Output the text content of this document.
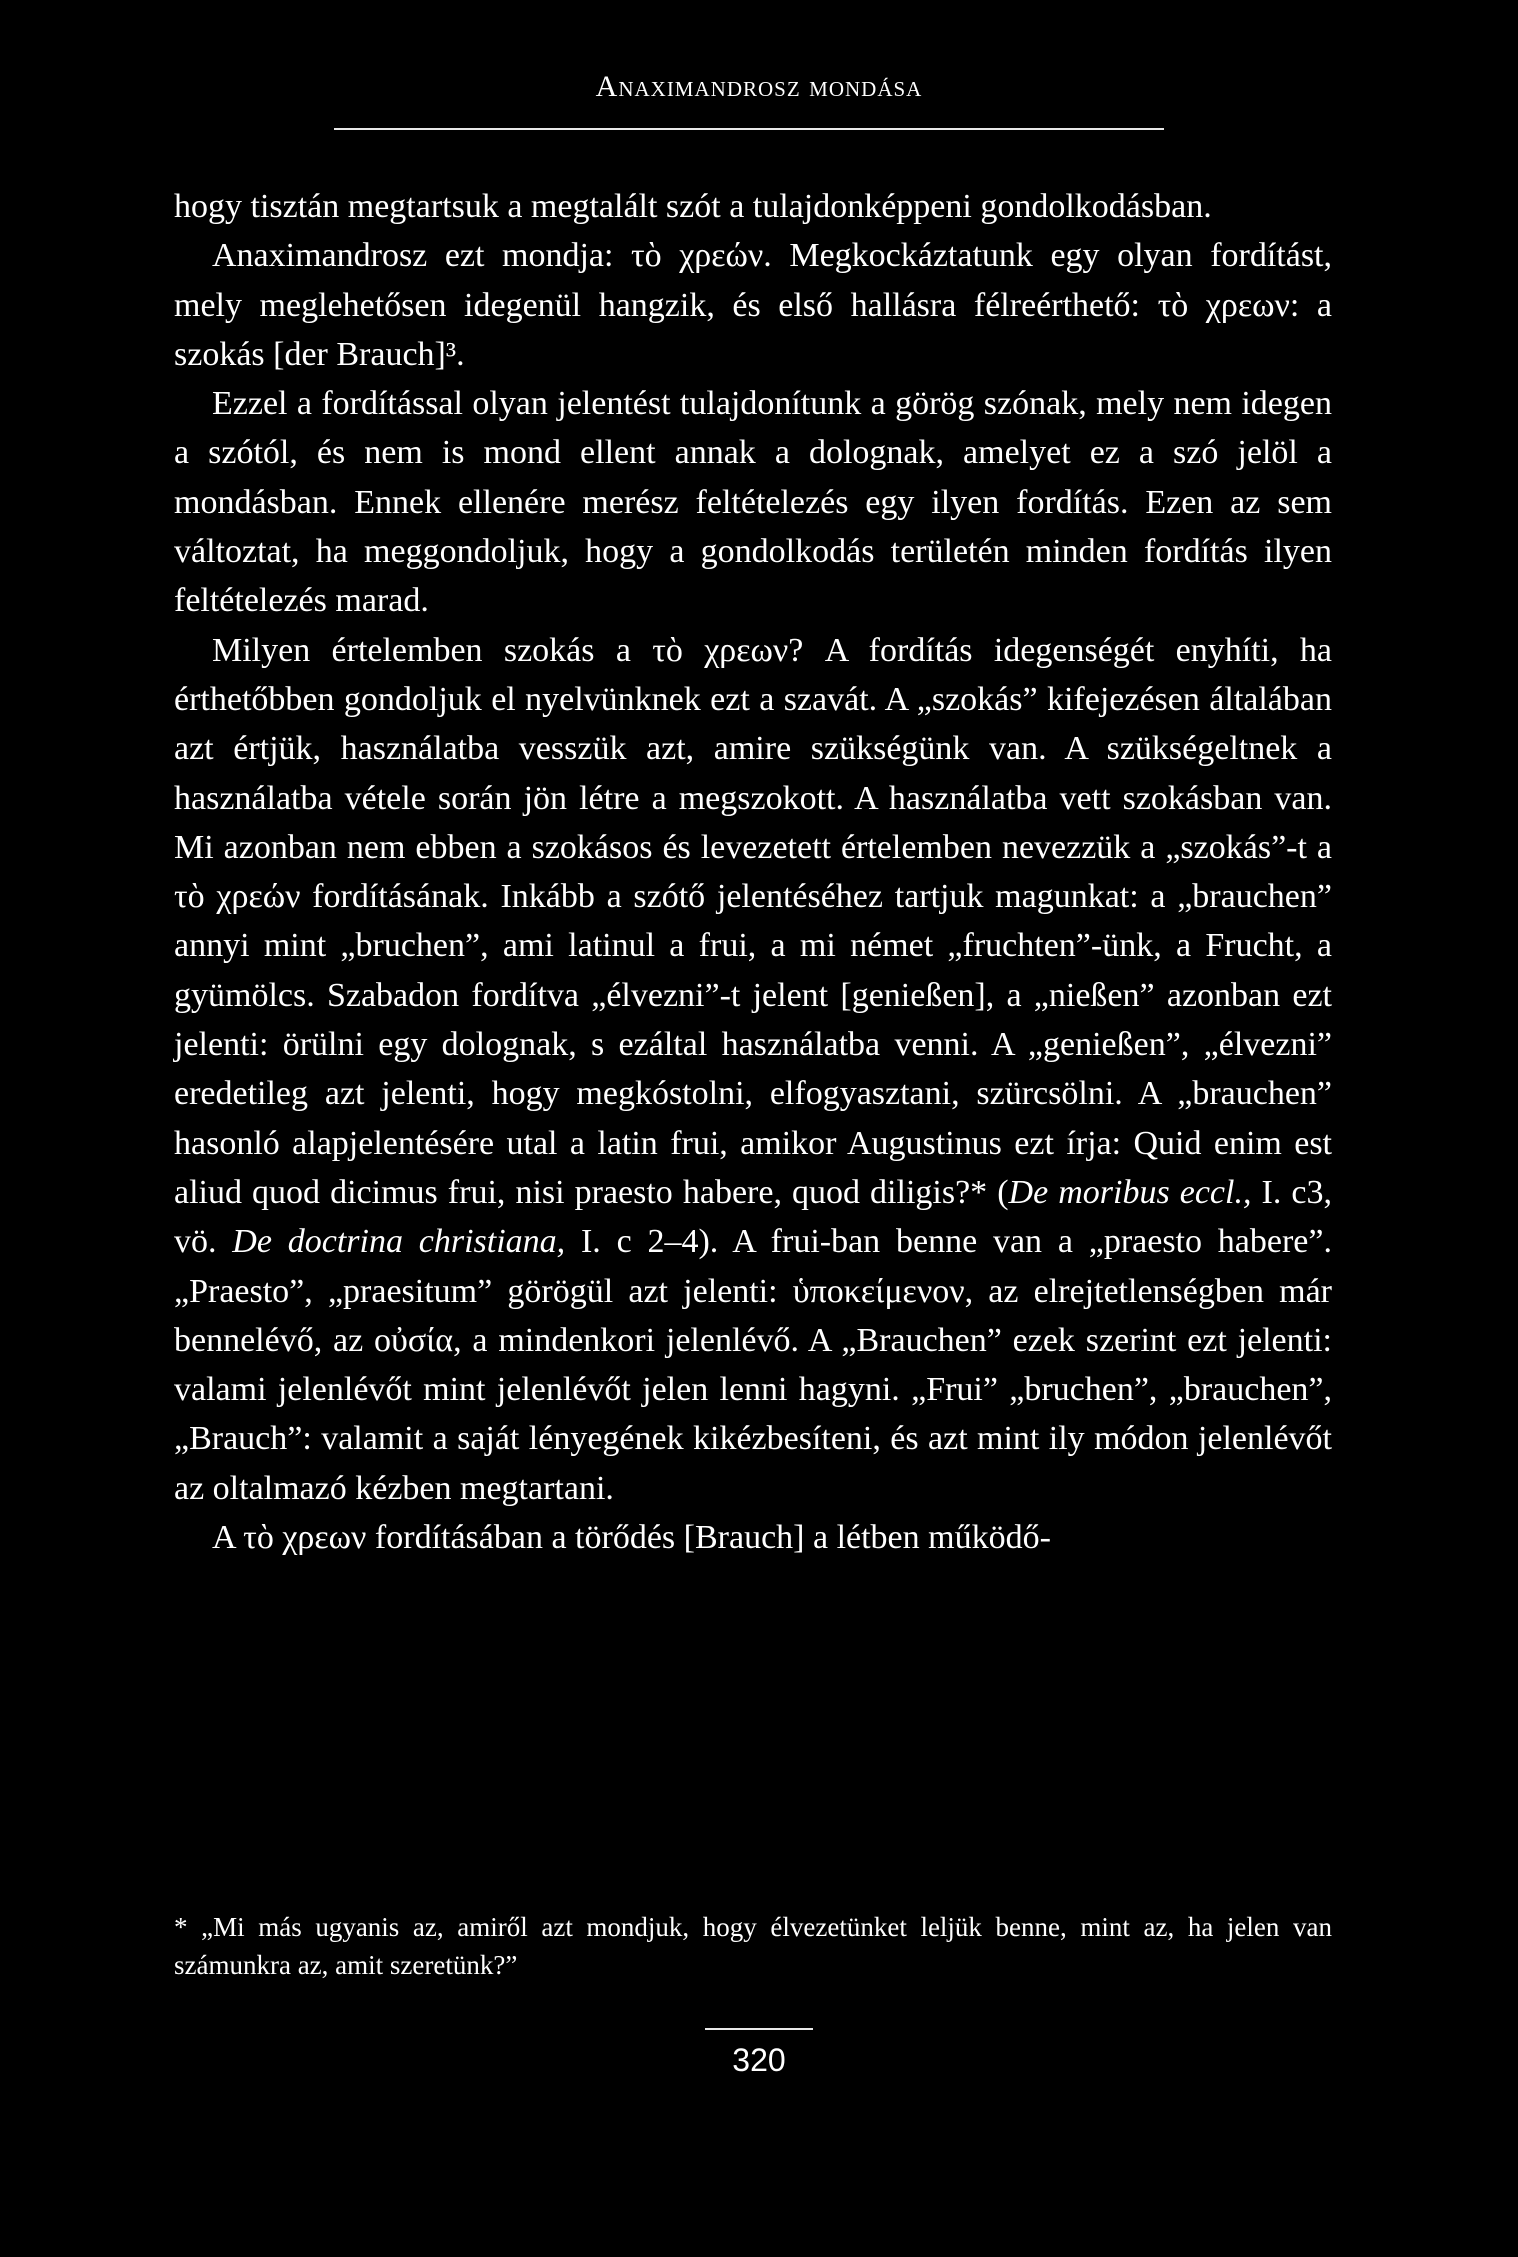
Anaximandrosz mondása

hogy tisztán megtartsuk a megtalált szót a tulajdonképpeni gondolkodásban.

Anaximandrosz ezt mondja: τὸ χρεών. Megkockáztatunk egy olyan fordítást, mely meglehetősen idegenül hangzik, és első hallásra félreérthető: τὸ χρεων: a szokás [der Brauch]³.

Ezzel a fordítással olyan jelentést tulajdonítunk a görög szónak, mely nem idegen a szótól, és nem is mond ellent annak a dolognak, amelyet ez a szó jelöl a mondásban. Ennek ellenére merész feltételezés egy ilyen fordítás. Ezen az sem változtat, ha meggondoljuk, hogy a gondolkodás területén minden fordítás ilyen feltételezés marad.

Milyen értelemben szokás a τὸ χρεων? A fordítás idegenségét enyhíti, ha érthetőbben gondoljuk el nyelvünknek ezt a szavát. A „szokás” kifejezésen általában azt értjük, használatba vesszük azt, amire szükségünk van. A szükségeltnek a használatba vétele során jön létre a megszokott. A használatba vett szokásban van. Mi azonban nem ebben a szokásos és levezetett értelemben nevezzük a „szokás”-t a τὸ χρεών fordításának. Inkább a szótő jelentéséhez tartjuk magunkat: a „brauchen” annyi mint „bruchen”, ami latinul a frui, a mi német „fruchten”-ünk, a Frucht, a gyümölcs. Szabadon fordítva „élvezni”-t jelent [genießen], a „nießen” azonban ezt jelenti: örülni egy dolognak, s ezáltal használatba venni. A „genießen”, „élvezni” eredetileg azt jelenti, hogy megkóstolni, elfogyasztani, szürcsölni. A „brauchen” hasonló alapjelentésére utal a latin frui, amikor Augustinus ezt írja: Quid enim est aliud quod dicimus frui, nisi praesto habere, quod diligis?* (De moribus eccl., I. c3, vö. De doctrina christiana, I. c 2–4). A frui-ban benne van a „praesto habere”. „Praesto”, „praesitum” görögül azt jelenti: ὑποκείμενον, az elrejtetlenségben már bennelévő, az οὐσία, a mindenkori jelenlévő. A „Brauchen” ezek szerint ezt jelenti: valami jelenlévőt mint jelenlévőt jelen lenni hagyni. „Frui” „bruchen”, „brauchen”, „Brauch”: valamit a saját lényegének kikézbesíteni, és azt mint ily módon jelenlévőt az oltalmazó kézben megtartani.

A τὸ χρεων fordításában a törődés [Brauch] a létben működő-

* „Mi más ugyanis az, amiről azt mondjuk, hogy élvezetünket leljük benne, mint az, ha jelen van számunkra az, amit szeretünk?”

320
